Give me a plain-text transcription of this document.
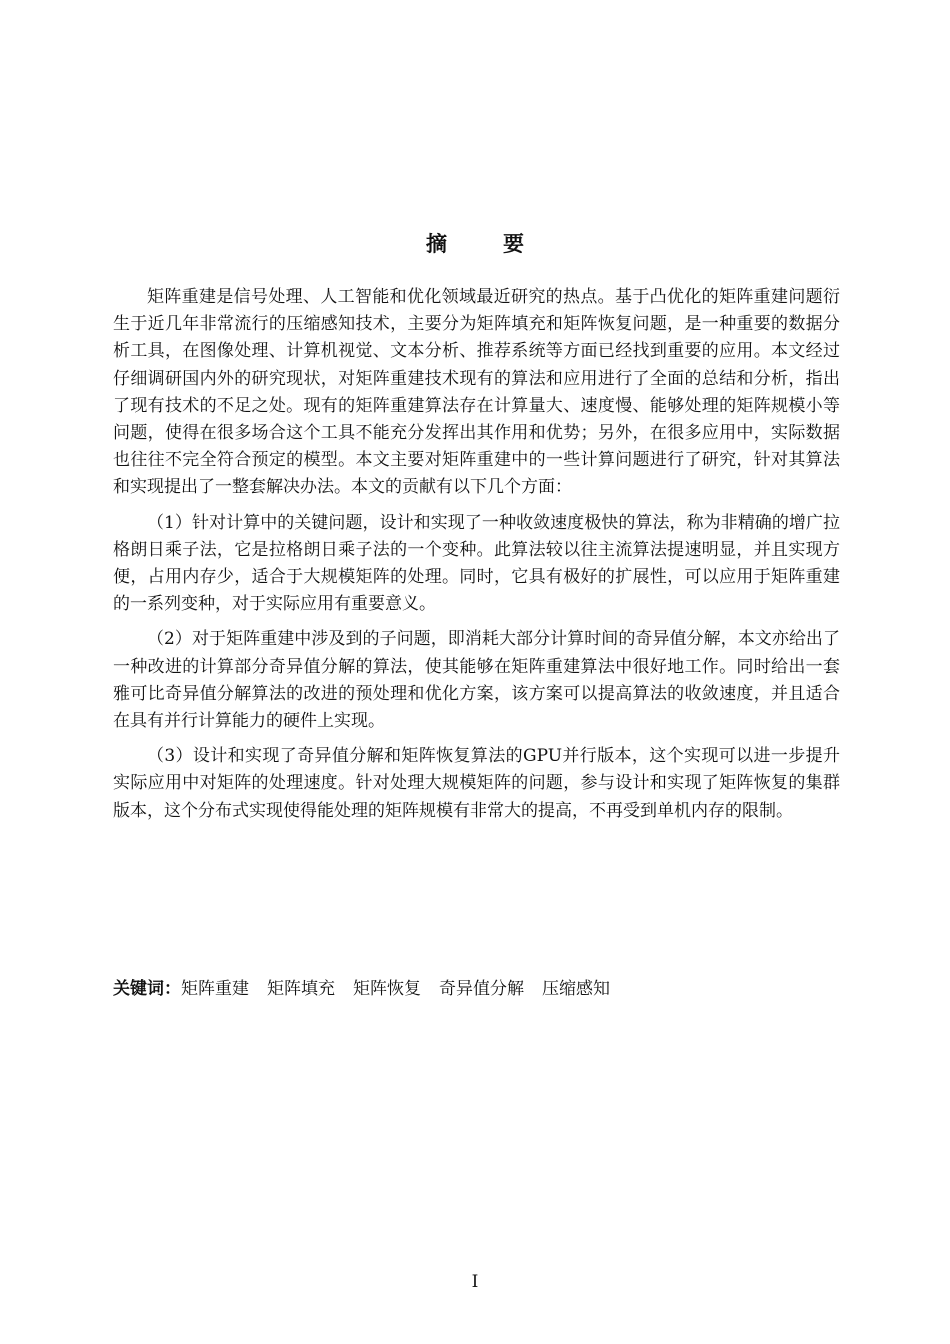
摘要

矩阵重建是信号处理、人工智能和优化领域最近研究的热点。基于凸优化的矩阵重建问题衍生于近几年非常流行的压缩感知技术，主要分为矩阵填充和矩阵恢复问题，是一种重要的数据分析工具，在图像处理、计算机视觉、文本分析、推荐系统等方面已经找到重要的应用。本文经过仔细调研国内外的研究现状，对矩阵重建技术现有的算法和应用进行了全面的总结和分析，指出了现有技术的不足之处。现有的矩阵重建算法存在计算量大、速度慢、能够处理的矩阵规模小等问题，使得在很多场合这个工具不能充分发挥出其作用和优势；另外，在很多应用中，实际数据也往往不完全符合预定的模型。本文主要对矩阵重建中的一些计算问题进行了研究，针对其算法和实现提出了一整套解决办法。本文的贡献有以下几个方面：

（1）针对计算中的关键问题，设计和实现了一种收敛速度极快的算法，称为非精确的增广拉格朗日乘子法，它是拉格朗日乘子法的一个变种。此算法较以往主流算法提速明显，并且实现方便，占用内存少，适合于大规模矩阵的处理。同时，它具有极好的扩展性，可以应用于矩阵重建的一系列变种，对于实际应用有重要意义。

（2）对于矩阵重建中涉及到的子问题，即消耗大部分计算时间的奇异值分解，本文亦给出了一种改进的计算部分奇异值分解的算法，使其能够在矩阵重建算法中很好地工作。同时给出一套雅可比奇异值分解算法的改进的预处理和优化方案，该方案可以提高算法的收敛速度，并且适合在具有并行计算能力的硬件上实现。

（3）设计和实现了奇异值分解和矩阵恢复算法的GPU并行版本，这个实现可以进一步提升实际应用中对矩阵的处理速度。针对处理大规模矩阵的问题，参与设计和实现了矩阵恢复的集群版本，这个分布式实现使得能处理的矩阵规模有非常大的提高，不再受到单机内存的限制。

关键词：矩阵重建 矩阵填充 矩阵恢复 奇异值分解 压缩感知
I
